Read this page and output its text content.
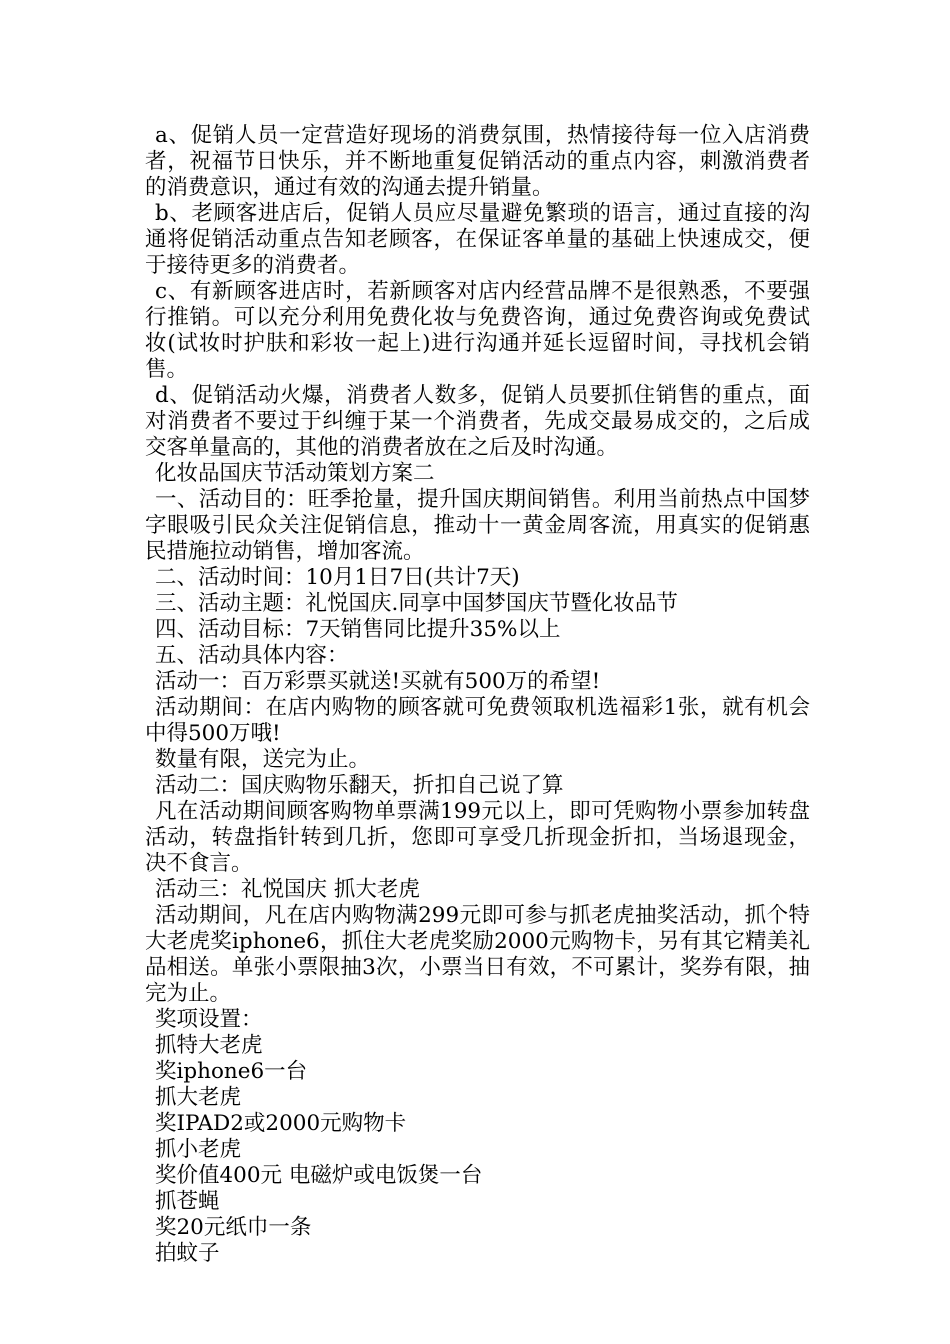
a、促销人员一定营造好现场的消费氛围，热情接待每一位入店消费者，祝福节日快乐，并不断地重复促销活动的重点内容，刺激消费者的消费意识，通过有效的沟通去提升销量。

b、老顾客进店后，促销人员应尽量避免繁琐的语言，通过直接的沟通将促销活动重点告知老顾客，在保证客单量的基础上快速成交，便于接待更多的消费者。

c、有新顾客进店时，若新顾客对店内经营品牌不是很熟悉，不要强行推销。可以充分利用免费化妆与免费咨询，通过免费咨询或免费试妆(试妆时护肤和彩妆一起上)进行沟通并延长逗留时间，寻找机会销售。

d、促销活动火爆，消费者人数多，促销人员要抓住销售的重点，面对消费者不要过于纠缠于某一个消费者，先成交最易成交的，之后成交客单量高的，其他的消费者放在之后及时沟通。

化妆品国庆节活动策划方案二

一、活动目的：旺季抢量，提升国庆期间销售。利用当前热点中国梦字眼吸引民众关注促销信息，推动十一黄金周客流，用真实的促销惠民措施拉动销售，增加客流。

二、活动时间：10月1日7日(共计7天)

三、活动主题：礼悦国庆.同享中国梦国庆节暨化妆品节

四、活动目标：7天销售同比提升35%以上

五、活动具体内容：

活动一：百万彩票买就送!买就有500万的希望!

活动期间：在店内购物的顾客就可免费领取机选福彩1张，就有机会中得500万哦!

数量有限，送完为止。

活动二：国庆购物乐翻天，折扣自己说了算

凡在活动期间顾客购物单票满199元以上，即可凭购物小票参加转盘活动，转盘指针转到几折，您即可享受几折现金折扣，当场退现金，决不食言。

活动三：礼悦国庆 抓大老虎

活动期间，凡在店内购物满299元即可参与抓老虎抽奖活动，抓个特大老虎奖iphone6，抓住大老虎奖励2000元购物卡，另有其它精美礼品相送。单张小票限抽3次，小票当日有效，不可累计，奖券有限，抽完为止。

奖项设置：

抓特大老虎

奖iphone6一台

抓大老虎

奖IPAD2或2000元购物卡

抓小老虎

奖价值400元 电磁炉或电饭煲一台

抓苍蝇

奖20元纸巾一条

拍蚊子
